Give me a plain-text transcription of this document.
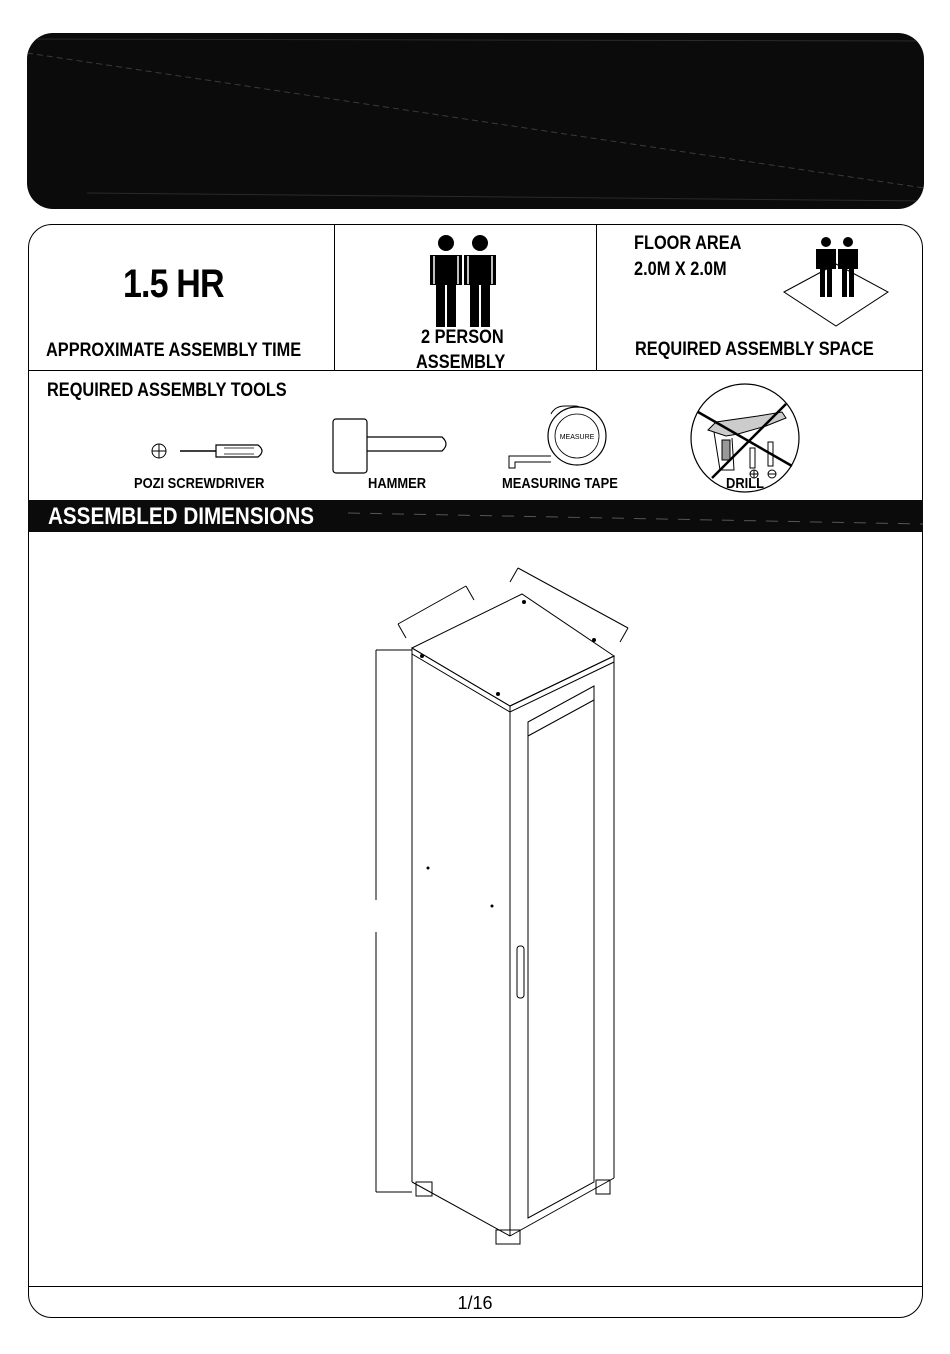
1.5 HR
APPROXIMATE ASSEMBLY TIME
2 PERSON
ASSEMBLY
FLOOR AREA
2.0M X 2.0M
REQUIRED ASSEMBLY SPACE
REQUIRED ASSEMBLY TOOLS
POZI SCREWDRIVER	HAMMER
MEASURE
MEASURING TAPE	DRILL
ASSEMBLED DIMENSIONS
1/16
